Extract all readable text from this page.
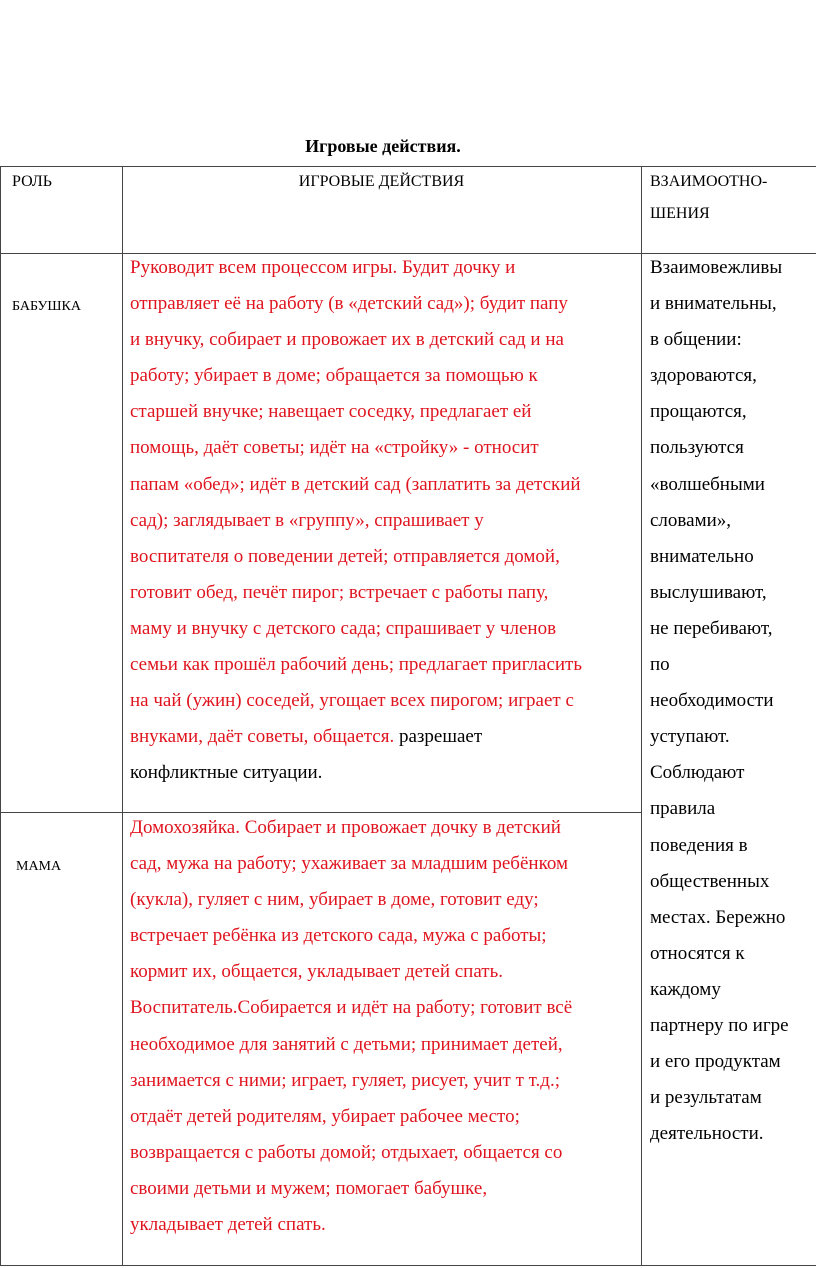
Игровые действия.
РОЛЬ	ИГРОВЫЕ ДЕЙСТВИЯ	ВЗАИМООТНО-
ШЕНИЯ
БАБУШКА
Руководит всем процессом игры. Будит дочку и
отправляет её на работу (в «детский сад»); будит папу
и внучку, собирает и провожает их в детский сад и на
работу; убирает в доме; обращается за помощью к
старшей внучке; навещает соседку, предлагает ей
помощь, даёт советы; идёт на «стройку» - относит
папам «обед»; идёт в детский сад (заплатить за детский
сад); заглядывает в «группу», спрашивает у
воспитателя о поведении детей; отправляется домой,
готовит обед, печёт пирог; встречает с работы папу,
маму и внучку с детского сада; спрашивает у членов
семьи как прошёл рабочий день; предлагает пригласить
на чай (ужин) соседей, угощает всех пирогом; играет с
внуками, даёт советы, общается. разрешает
конфликтные ситуации.
МАМА
Домохозяйка. Собирает и провожает дочку в детский
сад, мужа на работу; ухаживает за младшим ребёнком
(кукла), гуляет с ним, убирает в доме, готовит еду;
встречает ребёнка из детского сада, мужа с работы;
кормит их, общается, укладывает детей спать.
Воспитатель.Собирается и идёт на работу; готовит всё
необходимое для занятий с детьми; принимает детей,
занимается с ними; играет, гуляет, рисует, учит т т.д.;
отдаёт детей родителям, убирает рабочее место;
возвращается с работы домой; отдыхает, общается со
своими детьми и мужем; помогает бабушке,
укладывает детей спать.
Взаимовежливы
и внимательны,
в общении:
здороваются,
прощаются,
пользуются
«волшебными
словами»,
внимательно
выслушивают,
не перебивают,
по
необходимости
уступают.
Соблюдают
правила
поведения в
общественных
местах. Бережно
относятся к
каждому
партнеру по игре
и его продуктам
и результатам
деятельности.
